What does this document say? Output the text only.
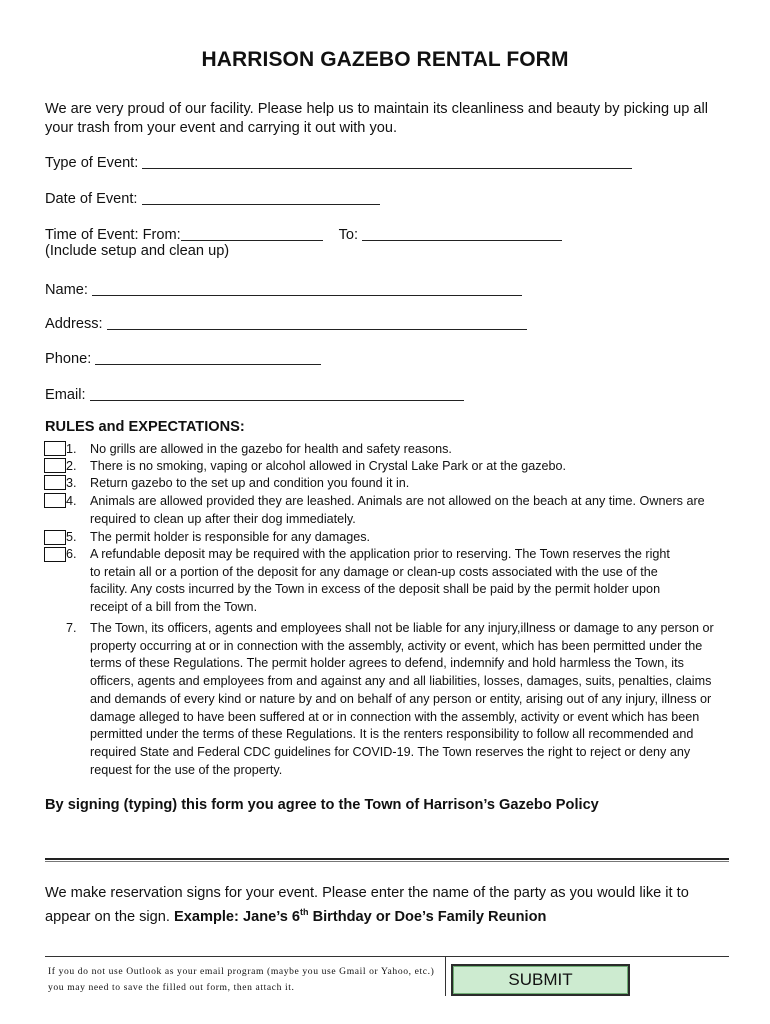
HARRISON GAZEBO RENTAL FORM
We are very proud of our facility. Please help us to maintain its cleanliness and beauty by picking up all your trash from your event and carrying it out with you.
Type of Event:
Date of Event:
Time of Event: From:	To:
(Include setup and clean up)
Name:
Address:
Phone:
Email:
RULES and EXPECTATIONS:
1. No grills are allowed in the gazebo for health and safety reasons.
2. There is no smoking, vaping or alcohol allowed in Crystal Lake Park or at the gazebo.
3. Return gazebo to the set up and condition you found it in.
4. Animals are allowed provided they are leashed. Animals are not allowed on the beach at any time. Owners are required to clean up after their dog immediately.
5. The permit holder is responsible for any damages.
6. A refundable deposit may be required with the application prior to reserving. The Town reserves the right to retain all or a portion of the deposit for any damage or clean-up costs associated with the use of the facility. Any costs incurred by the Town in excess of the deposit shall be paid by the permit holder upon receipt of a bill from the Town.
7. The Town, its officers, agents and employees shall not be liable for any injury,illness or damage to any person or property occurring at or in connection with the assembly, activity or event, which has been permitted under the terms of these Regulations. The permit holder agrees to defend, indemnify and hold harmless the Town, its officers, agents and employees from and against any and all liabilities, losses, damages, suits, penalties, claims and demands of every kind or nature by and on behalf of any person or entity, arising out of any injury, illness or damage alleged to have been suffered at or in connection with the assembly, activity or event which has been permitted under the terms of these Regulations. It is the renters responsibility to follow all recommended and required State and Federal CDC guidelines for COVID-19. The Town reserves the right to reject or deny any request for the use of the property.
By signing (typing) this form you agree to the Town of Harrison’s Gazebo Policy
We make reservation signs for your event. Please enter the name of the party as you would like it to appear on the sign. Example: Jane’s 6th Birthday or Doe’s Family Reunion
If you do not use Outlook as your email program (maybe you use Gmail or Yahoo, etc.)
you may need to save the filled out form, then attach it.	SUBMIT
